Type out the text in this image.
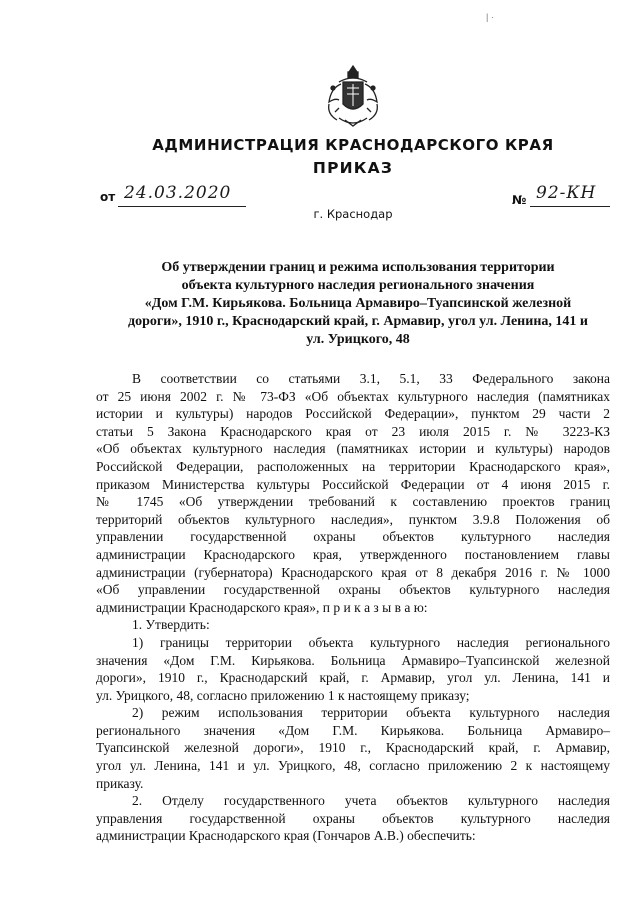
| ·
АДМИНИСТРАЦИЯ КРАСНОДАРСКОГО КРАЯ
ПРИКАЗ
от 24.03.2020	№ 92-КН
г. Краснодар
Об утверждении границ и режима использования территории
объекта культурного наследия регионального значения
«Дом Г.М. Кирьякова. Больница Армавиро–Туапсинской железной
дороги», 1910 г., Краснодарский край, г. Армавир, угол ул. Ленина, 141 и
ул. Урицкого, 48

В соответствии со статьями 3.1, 5.1, 33 Федерального закона

от 25 июня 2002 г. № 73-ФЗ «Об объектах культурного наследия (памятниках

истории и культуры) народов Российской Федерации», пунктом 29 части 2

статьи 5 Закона Краснодарского края от 23 июля 2015 г. № 3223-КЗ

«Об объектах культурного наследия (памятниках истории и культуры) народов

Российской Федерации, расположенных на территории Краснодарского края»,

приказом Министерства культуры Российской Федерации от 4 июня 2015 г.

№ 1745 «Об утверждении требований к составлению проектов границ

территорий объектов культурного наследия», пунктом 3.9.8 Положения об

управлении государственной охраны объектов культурного наследия

администрации Краснодарского края, утвержденного постановлением главы

администрации (губернатора) Краснодарского края от 8 декабря 2016 г. № 1000

«Об управлении государственной охраны объектов культурного наследия

администрации Краснодарского края», п р и к а з ы в а ю:

1. Утвердить:

1) границы территории объекта культурного наследия регионального

значения «Дом Г.М. Кирьякова. Больница Армавиро–Туапсинской железной

дороги», 1910 г., Краснодарский край, г. Армавир, угол ул. Ленина, 141 и

ул. Урицкого, 48, согласно приложению 1 к настоящему приказу;

2) режим использования территории объекта культурного наследия

регионального значения «Дом Г.М. Кирьякова. Больница Армавиро–

Туапсинской железной дороги», 1910 г., Краснодарский край, г. Армавир,

угол ул. Ленина, 141 и ул. Урицкого, 48, согласно приложению 2 к настоящему

приказу.

2. Отделу государственного учета объектов культурного наследия

управления государственной охраны объектов культурного наследия

администрации Краснодарского края (Гончаров А.В.) обеспечить:
